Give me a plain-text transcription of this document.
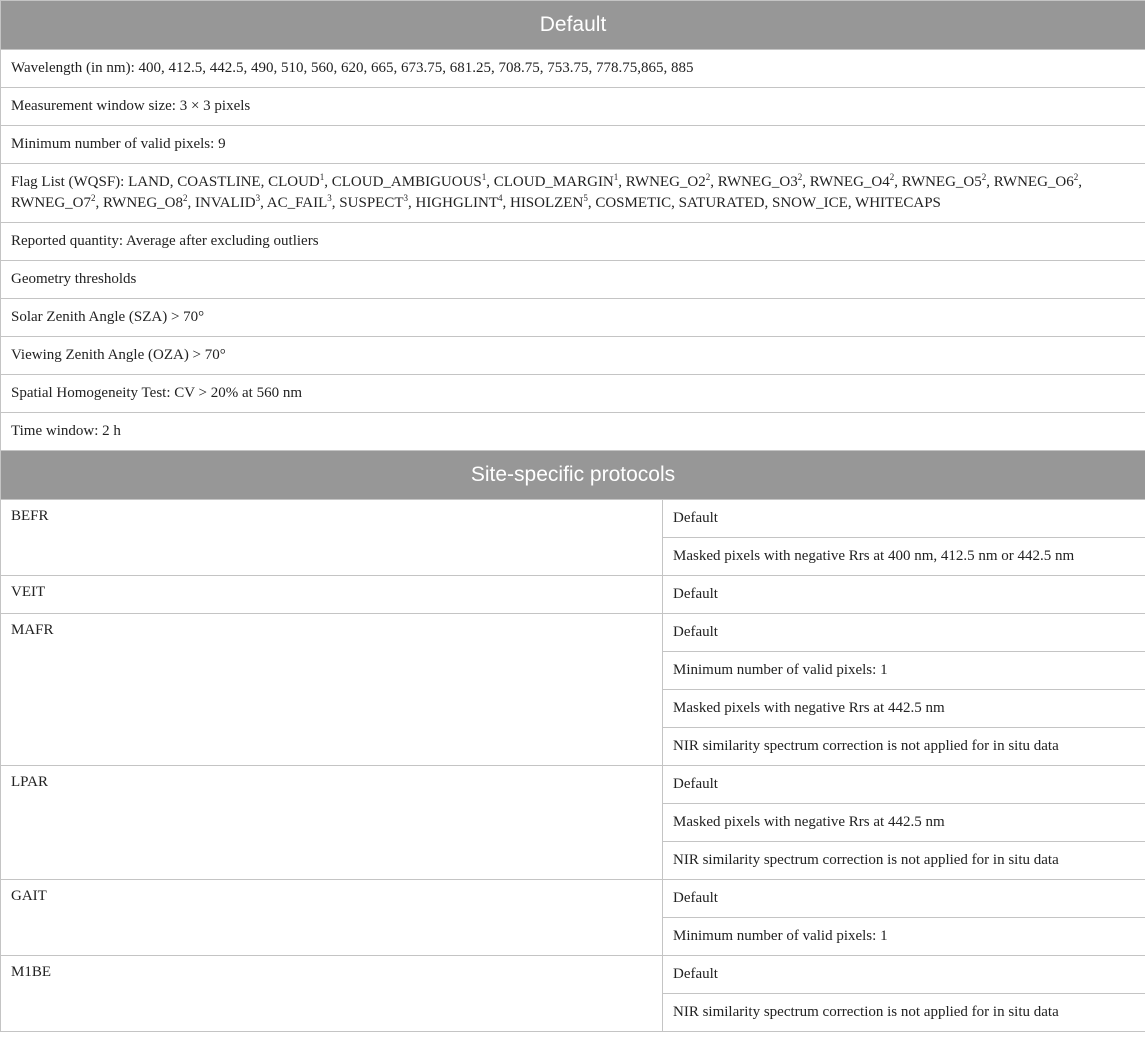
Default	
Wavelength (in nm): 400, 412.5, 442.5, 490, 510, 560, 620, 665, 673.75, 681.25, 708.75, 753.75, 778.75,865, 885	
Measurement window size: 3 × 3 pixels	
Minimum number of valid pixels: 9	
Flag List (WQSF): LAND, COASTLINE, CLOUD$^1$, CLOUD_AMBIGUOUS$^1$, CLOUD_MARGIN$^1$, $RWNEG\_O2^2$, $RWNEG\_O3^2$, $RWNEG\_O4^2$, $RWNEG\_O5^2$, $RWNEG\_O6^2$, $RWNEG\_O7^2$, $RWNEG\_O8^2$, INVALID$^3$, AC_FAIL$^3$, SUSPECT$^3$, HIGHGLINT$^4$, HISOLZEN$^5$, COSMETIC, SATURATED, SNOW_ICE, WHITECAPS	
Reported quantity: Average after excluding outliers	
Geometry thresholds	
Solar Zenith Angle (SZA) > 70°	
Viewing Zenith Angle (OZA) > 70°	
Spatial Homogeneity Test: CV > 20% at 560 nm	
Time window: 2 h	
Site-specific protocols	
BEFR	Default
	Masked pixels with negative Rrs at 400 nm, 412.5 nm or 442.5 nm
VEIT	Default
MAFR	Default
	Minimum number of valid pixels: 1
	Masked pixels with negative Rrs at 442.5 nm
	NIR similarity spectrum correction is not applied for in situ data
LPAR	Default
	Masked pixels with negative Rrs at 442.5 nm
	NIR similarity spectrum correction is not applied for in situ data
GAIT	Default
	Minimum number of valid pixels: 1
M1BE	Default
	NIR similarity spectrum correction is not applied for in situ data
